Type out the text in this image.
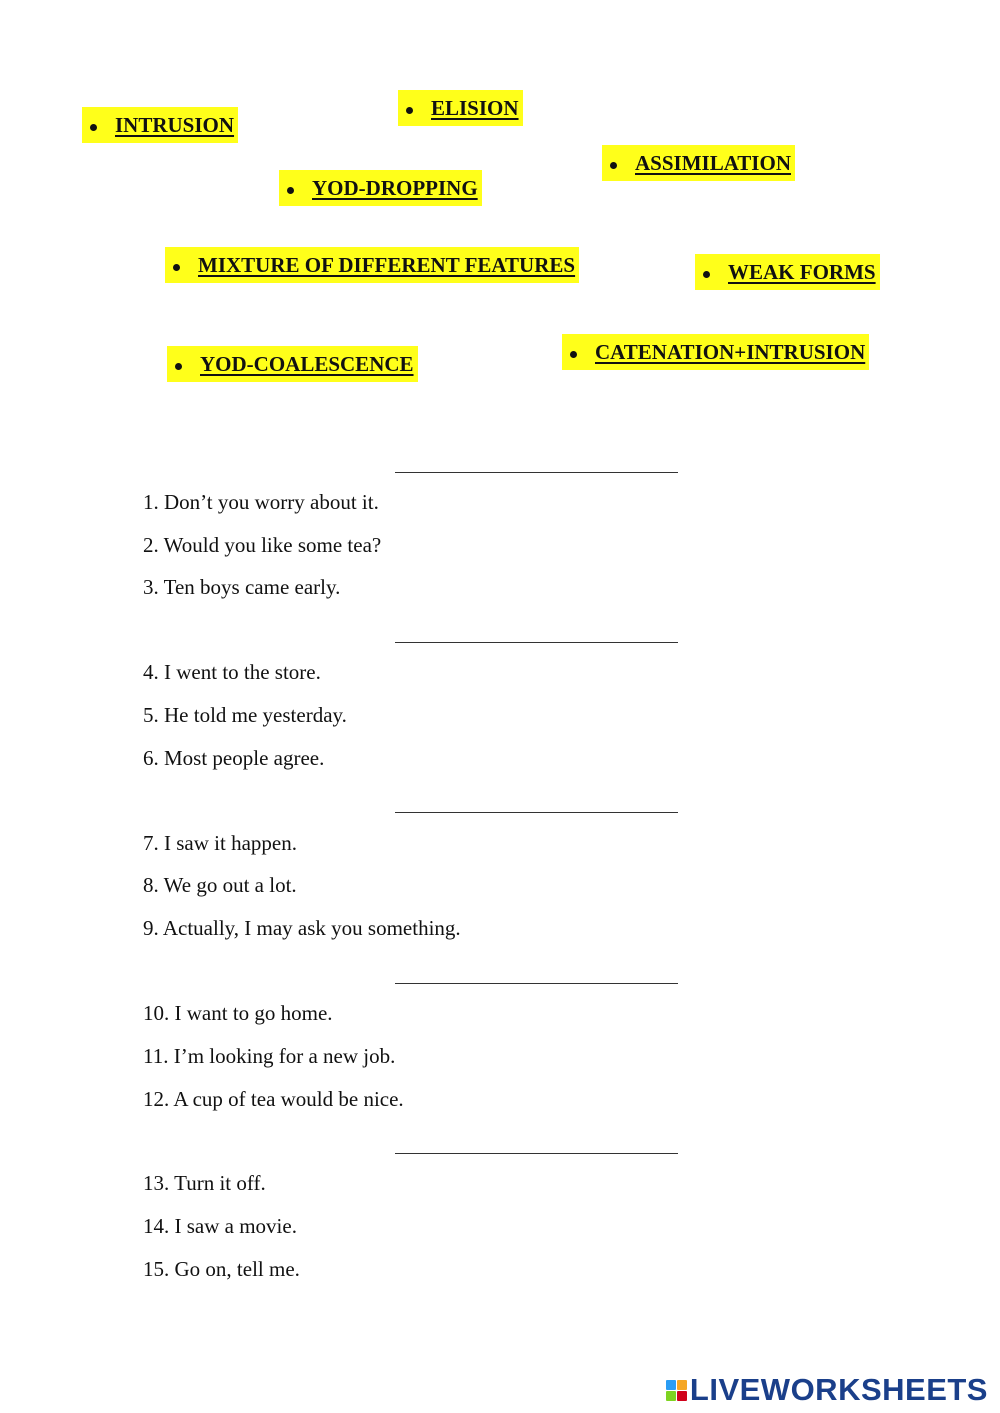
INTRUSION
ELISION
ASSIMILATION
YOD-DROPPING
MIXTURE OF DIFFERENT FEATURES	WEAK FORMS
CATENATION+INTRUSION
YOD-COALESCENCE
1. Don’t you worry about it.
2. Would you like some tea?
3. Ten boys came early.
4. I went to the store.
5. He told me yesterday.
6. Most people agree.
7. I saw it happen.
8. We go out a lot.
9. Actually, I may ask you something.
10. I want to go home.
11. I’m looking for a new job.
12. A cup of tea would be nice.
13. Turn it off.
14. I saw a movie.
15. Go on, tell me.
LIVEWORKSHEETS
